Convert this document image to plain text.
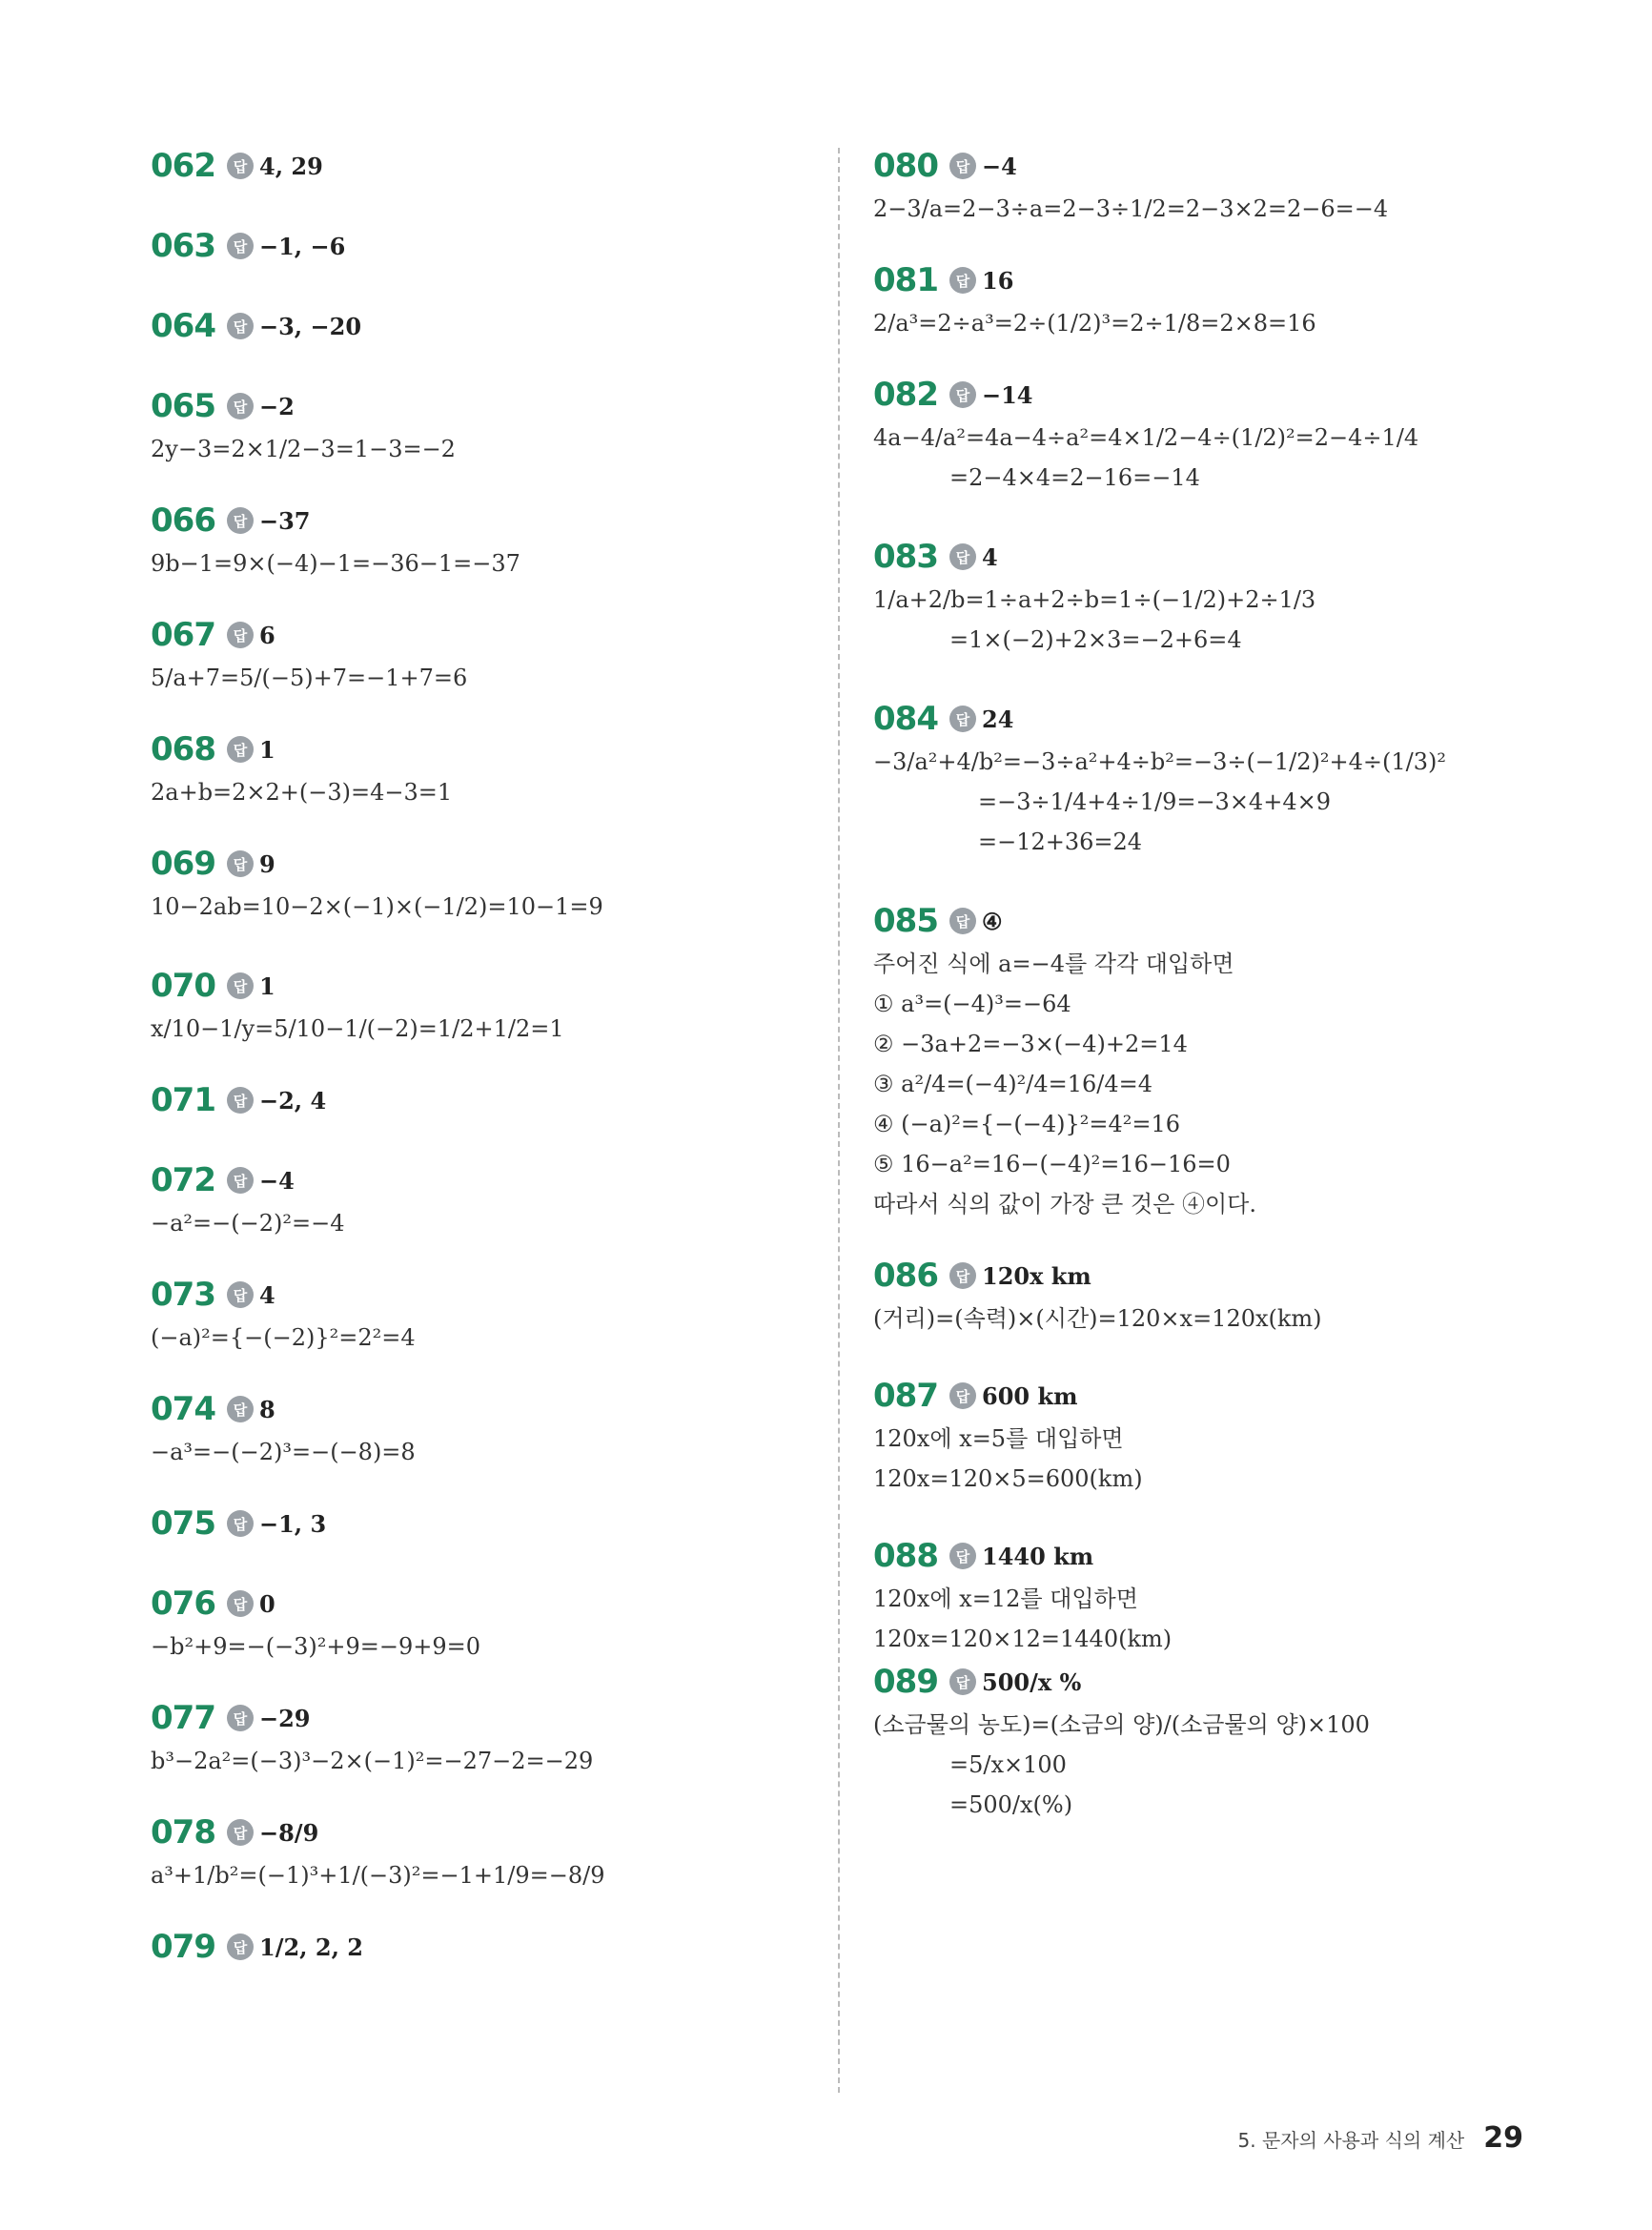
062	답 4, 29
063	답 −1, −6
064	답 −3, −20
065	답 −2
2y−3=2×1/2−3=1−3=−2
066	답 −37
9b−1=9×(−4)−1=−36−1=−37
067	답 6
5/a+7=5/(−5)+7=−1+7=6
068	답 1
2a+b=2×2+(−3)=4−3=1
069	답 9
10−2ab=10−2×(−1)×(−1/2)=10−1=9
070	답 1
x/10−1/y=5/10−1/(−2)=1/2+1/2=1
071	답 −2, 4
072	답 −4
−a²=−(−2)²=−4
073	답 4
(−a)²={−(−2)}²=2²=4
074	답 8
−a³=−(−2)³=−(−8)=8
075	답 −1, 3
076	답 0
−b²+9=−(−3)²+9=−9+9=0
077	답 −29
b³−2a²=(−3)³−2×(−1)²=−27−2=−29
078	답 −8/9
a³+1/b²=(−1)³+1/(−3)²=−1+1/9=−8/9
079	답 1/2, 2, 2
080	답 −4
2−3/a=2−3÷a=2−3÷1/2=2−3×2=2−6=−4
081	답 16
2/a³=2÷a³=2÷(1/2)³=2÷1/8=2×8=16
082	답 −14
4a−4/a²=4a−4÷a²=4×1/2−4÷(1/2)²=2−4÷1/4
=2−4×4=2−16=−14
083	답 4
1/a+2/b=1÷a+2÷b=1÷(−1/2)+2÷1/3
=1×(−2)+2×3=−2+6=4
084	답 24
−3/a²+4/b²=−3÷a²+4÷b²=−3÷(−1/2)²+4÷(1/3)²
=−3÷1/4+4÷1/9=−3×4+4×9
=−12+36=24
085	답 ④
주어진 식에 a=−4를 각각 대입하면
① a³=(−4)³=−64
② −3a+2=−3×(−4)+2=14
③ a²/4=(−4)²/4=16/4=4
④ (−a)²={−(−4)}²=4²=16
⑤ 16−a²=16−(−4)²=16−16=0
따라서 식의 값이 가장 큰 것은 ④이다.
086	답 120x km
(거리)=(속력)×(시간)=120×x=120x(km)
087	답 600 km
120x에 x=5를 대입하면
120x=120×5=600(km)
088	답 1440 km
120x에 x=12를 대입하면
120x=120×12=1440(km)
089	답 500/x %
(소금물의 농도)=(소금의 양)/(소금물의 양)×100
=5/x×100
=500/x(%)
5. 문자의 사용과 식의 계산 29
